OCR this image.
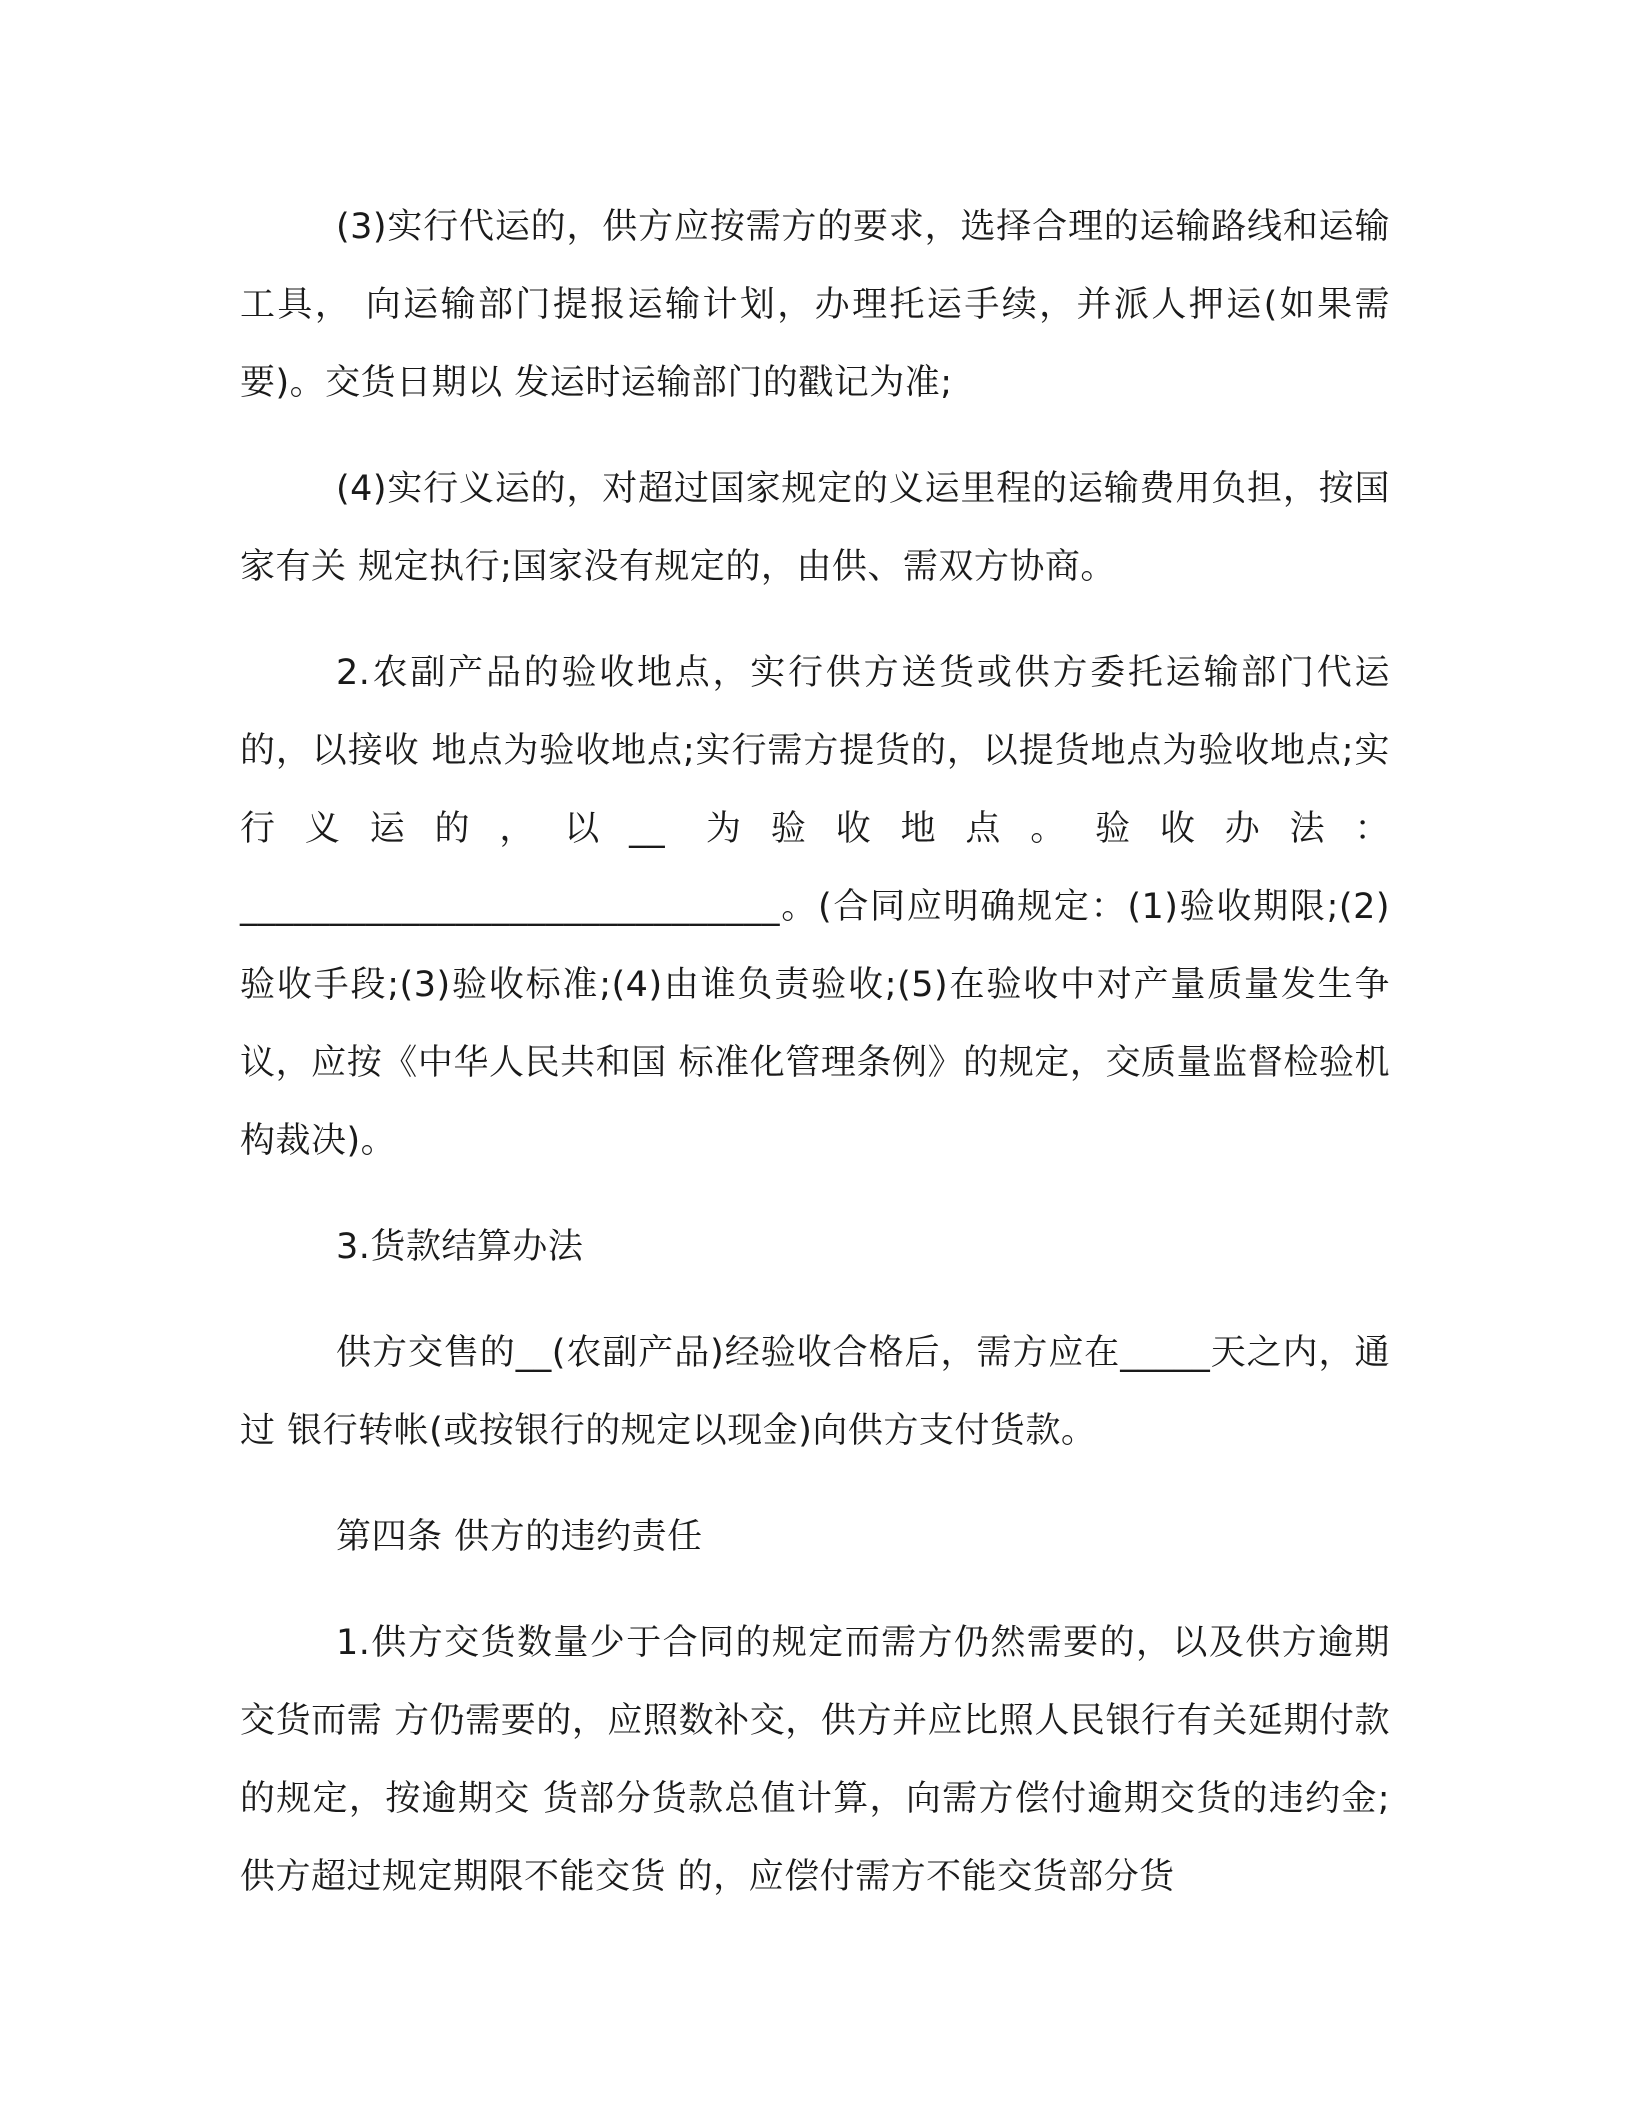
(3)实行代运的，供方应按需方的要求，选择合理的运输路线和运输工具， 向运输部门提报运输计划，办理托运手续，并派人押运(如果需要)。交货日期以 发运时运输部门的戳记为准;

(4)实行义运的，对超过国家规定的义运里程的运输费用负担，按国家有关 规定执行;国家没有规定的，由供、需双方协商。

2.农副产品的验收地点，实行供方送货或供方委托运输部门代运的，以接收 地点为验收地点;实行需方提货的，以提货地点为验收地点;实行义运的，以__ 为验收地点。验收办法：______________________________。(合同应明确规定：(1)验收期限;(2)验收手段;(3)验收标准;(4)由谁负责验收;(5)在验收中对产量质量发生争议，应按《中华人民共和国 标准化管理条例》的规定，交质量监督检验机构裁决)。

3.货款结算办法

供方交售的__(农副产品)经验收合格后，需方应在_____天之内，通过 银行转帐(或按银行的规定以现金)向供方支付货款。

第四条 供方的违约责任

1.供方交货数量少于合同的规定而需方仍然需要的，以及供方逾期交货而需 方仍需要的，应照数补交，供方并应比照人民银行有关延期付款的规定，按逾期交 货部分货款总值计算，向需方偿付逾期交货的违约金;供方超过规定期限不能交货 的，应偿付需方不能交货部分货
